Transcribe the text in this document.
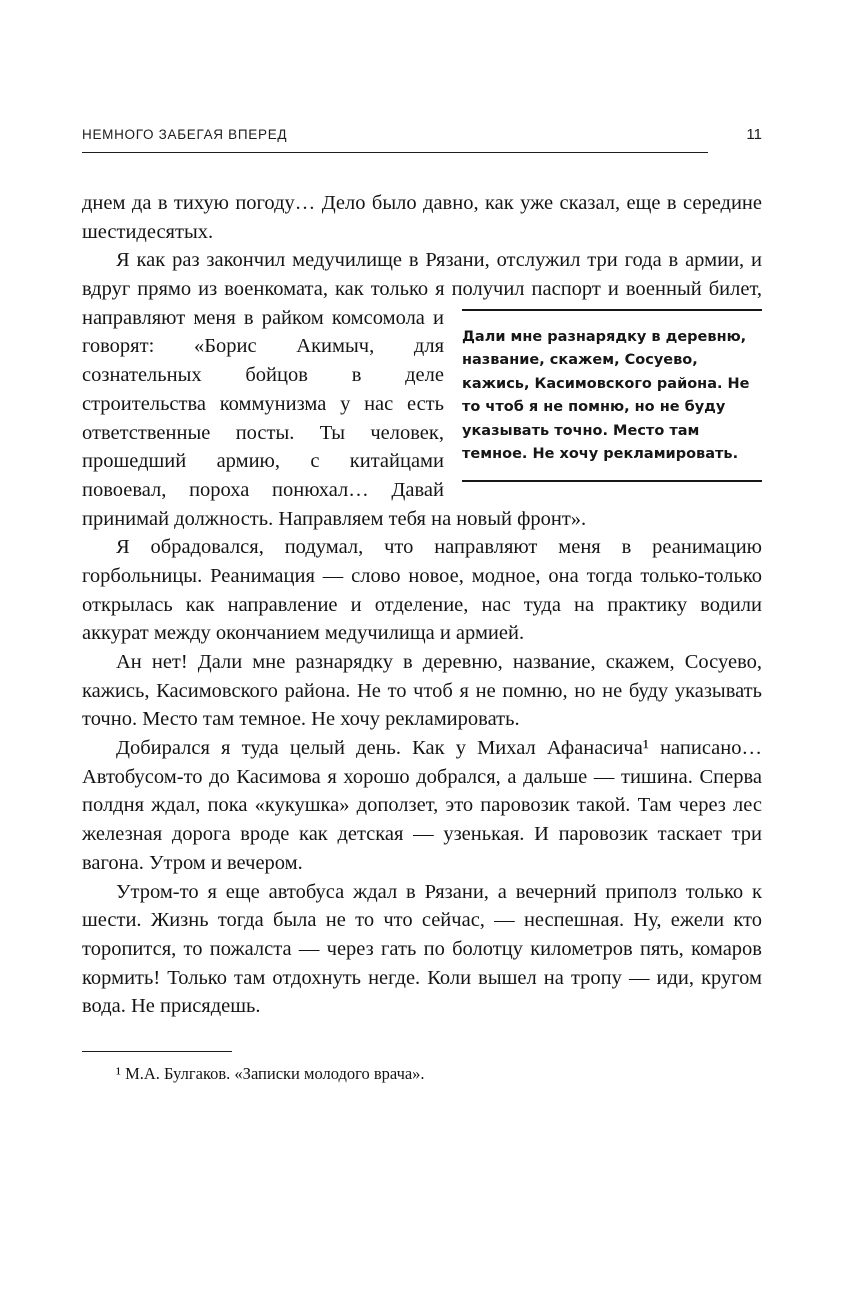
НЕМНОГО ЗАБЕГАЯ ВПЕРЕД	11

днем да в тихую погоду… Дело было давно, как уже сказал, еще в середине шестидесятых.

Я как раз закончил медучилище в Рязани, отслужил три года в армии, и вдруг прямо из военкомата, как только я получил паспорт и военный билет, направляют меня в рай
Дали мне разнарядку в деревню, название, скажем, Сосуево, кажись, Касимовского района. Не то чтоб я не помню, но не буду указывать точно. Место там темное. Не хочу рекламировать.
ком комсомола и говорят: «Борис Акимыч, для сознательных бойцов в деле строительства коммунизма у нас есть ответственные посты. Ты человек, прошедший армию, с китайцами повоевал, пороха понюхал… Давай принимай должность. Направляем тебя на новый фронт».

Я обрадовался, подумал, что направляют меня в реанимацию горбольницы. Реанимация — слово новое, модное, она тогда только-только открылась как направление и отделение, нас туда на практику водили аккурат между окончанием медучилища и армией.

Ан нет! Дали мне разнарядку в деревню, название, скажем, Сосуево, кажись, Касимовского района. Не то чтоб я не помню, но не буду указывать точно. Место там темное. Не хочу рекламировать.

Добирался я туда целый день. Как у Михал Афанасича¹ написано… Автобусом-то до Касимова я хорошо добрался, а дальше — тишина. Сперва полдня ждал, пока «кукушка» доползет, это паровозик такой. Там через лес железная дорога вроде как детская — узенькая. И паровозик таскает три вагона. Утром и вечером.

Утром-то я еще автобуса ждал в Рязани, а вечерний приполз только к шести. Жизнь тогда была не то что сейчас, — неспешная. Ну, ежели кто торопится, то пожалста — через гать по болотцу километров пять, комаров кормить! Только там отдохнуть негде. Коли вышел на тропу — иди, кругом вода. Не присядешь.

¹ М.А. Булгаков. «Записки молодого врача».
